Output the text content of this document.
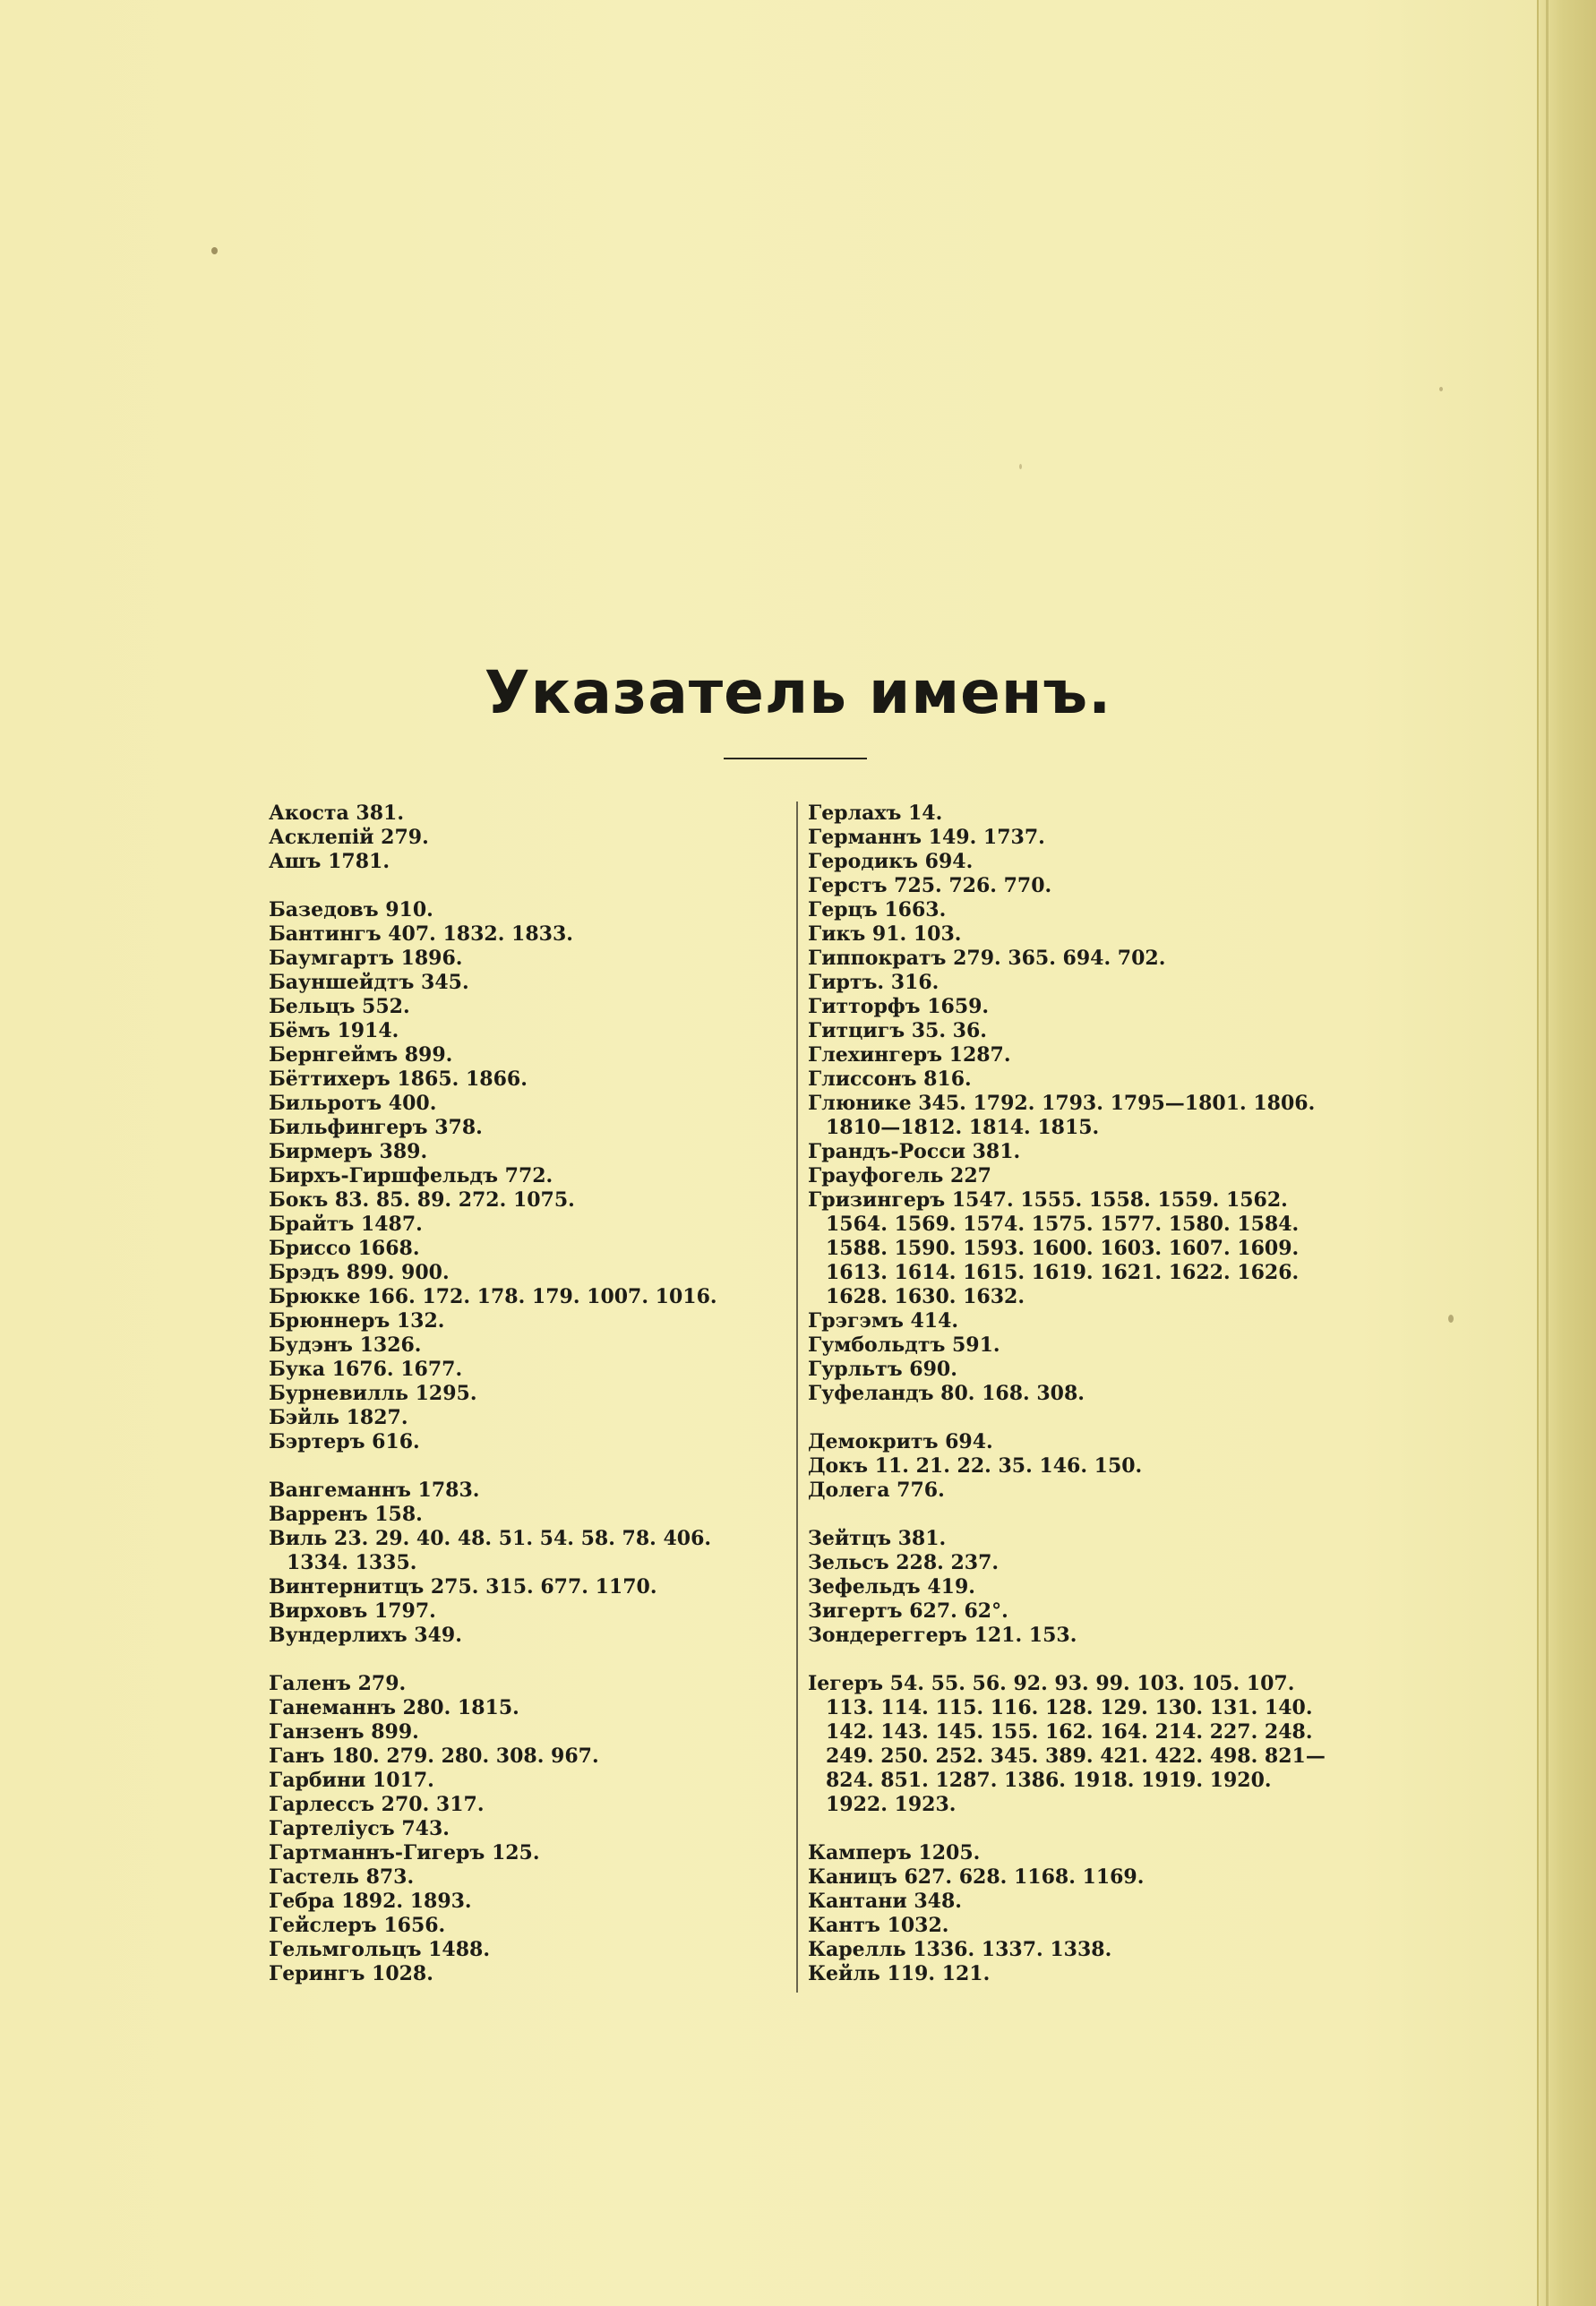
Указатель именъ.
Акоста 381.
Асклепій 279.
Ашъ 1781.
Базедовъ 910.
Бантингъ 407. 1832. 1833.
Баумгартъ 1896.
Бауншейдтъ 345.
Бельцъ 552.
Бёмъ 1914.
Бернгеймъ 899.
Бёттихеръ 1865. 1866.
Бильротъ 400.
Бильфингеръ 378.
Бирмеръ 389.
Бирхъ-Гиршфельдъ 772.
Бокъ 83. 85. 89. 272. 1075.
Брайтъ 1487.
Бриссо 1668.
Брэдъ 899. 900.
Брюкке 166. 172. 178. 179. 1007. 1016.
Брюннеръ 132.
Будэнъ 1326.
Бука 1676. 1677.
Бурневилль 1295.
Бэйль 1827.
Бэртеръ 616.
Вангеманнъ 1783.
Варренъ 158.
Виль 23. 29. 40. 48. 51. 54. 58. 78. 406. 1334. 1335.
Винтернитцъ 275. 315. 677. 1170.
Вирховъ 1797.
Вундерлихъ 349.
Галенъ 279.
Ганеманнъ 280. 1815.
Ганзенъ 899.
Ганъ 180. 279. 280. 308. 967.
Гарбини 1017.
Гарлессъ 270. 317.
Гартелiусъ 743.
Гартманнъ-Гигеръ 125.
Гастель 873.
Гебра 1892. 1893.
Гейслеръ 1656.
Гельмгольцъ 1488.
Герингъ 1028.
Герлахъ 14.
Германнъ 149. 1737.
Геродикъ 694.
Герстъ 725. 726. 770.
Герцъ 1663.
Гикъ 91. 103.
Гиппократъ 279. 365. 694. 702.
Гиртъ. 316.
Гитторфъ 1659.
Гитцигъ 35. 36.
Глехингеръ 1287.
Глиссонъ 816.
Глюнике 345. 1792. 1793. 1795—1801. 1806. 1810—1812. 1814. 1815.
Грандъ-Росси 381.
Грауфогель 227
Гризингеръ 1547. 1555. 1558. 1559. 1562. 1564. 1569. 1574. 1575. 1577. 1580. 1584. 1588. 1590. 1593. 1600. 1603. 1607. 1609. 1613. 1614. 1615. 1619. 1621. 1622. 1626. 1628. 1630. 1632.
Грэгэмъ 414.
Гумбольдтъ 591.
Гурльтъ 690.
Гуфеландъ 80. 168. 308.
Демокритъ 694.
Докъ 11. 21. 22. 35. 146. 150.
Долега 776.
Зейтцъ 381.
Зельсъ 228. 237.
Зефельдъ 419.
Зигертъ 627. 62°.
Зондереггеръ 121. 153.
Iегеръ 54. 55. 56. 92. 93. 99. 103. 105. 107. 113. 114. 115. 116. 128. 129. 130. 131. 140. 142. 143. 145. 155. 162. 164. 214. 227. 248. 249. 250. 252. 345. 389. 421. 422. 498. 821—824. 851. 1287. 1386. 1918. 1919. 1920. 1922. 1923.
Камперъ 1205.
Каницъ 627. 628. 1168. 1169.
Кантани 348.
Кантъ 1032.
Карелль 1336. 1337. 1338.
Кейль 119. 121.
